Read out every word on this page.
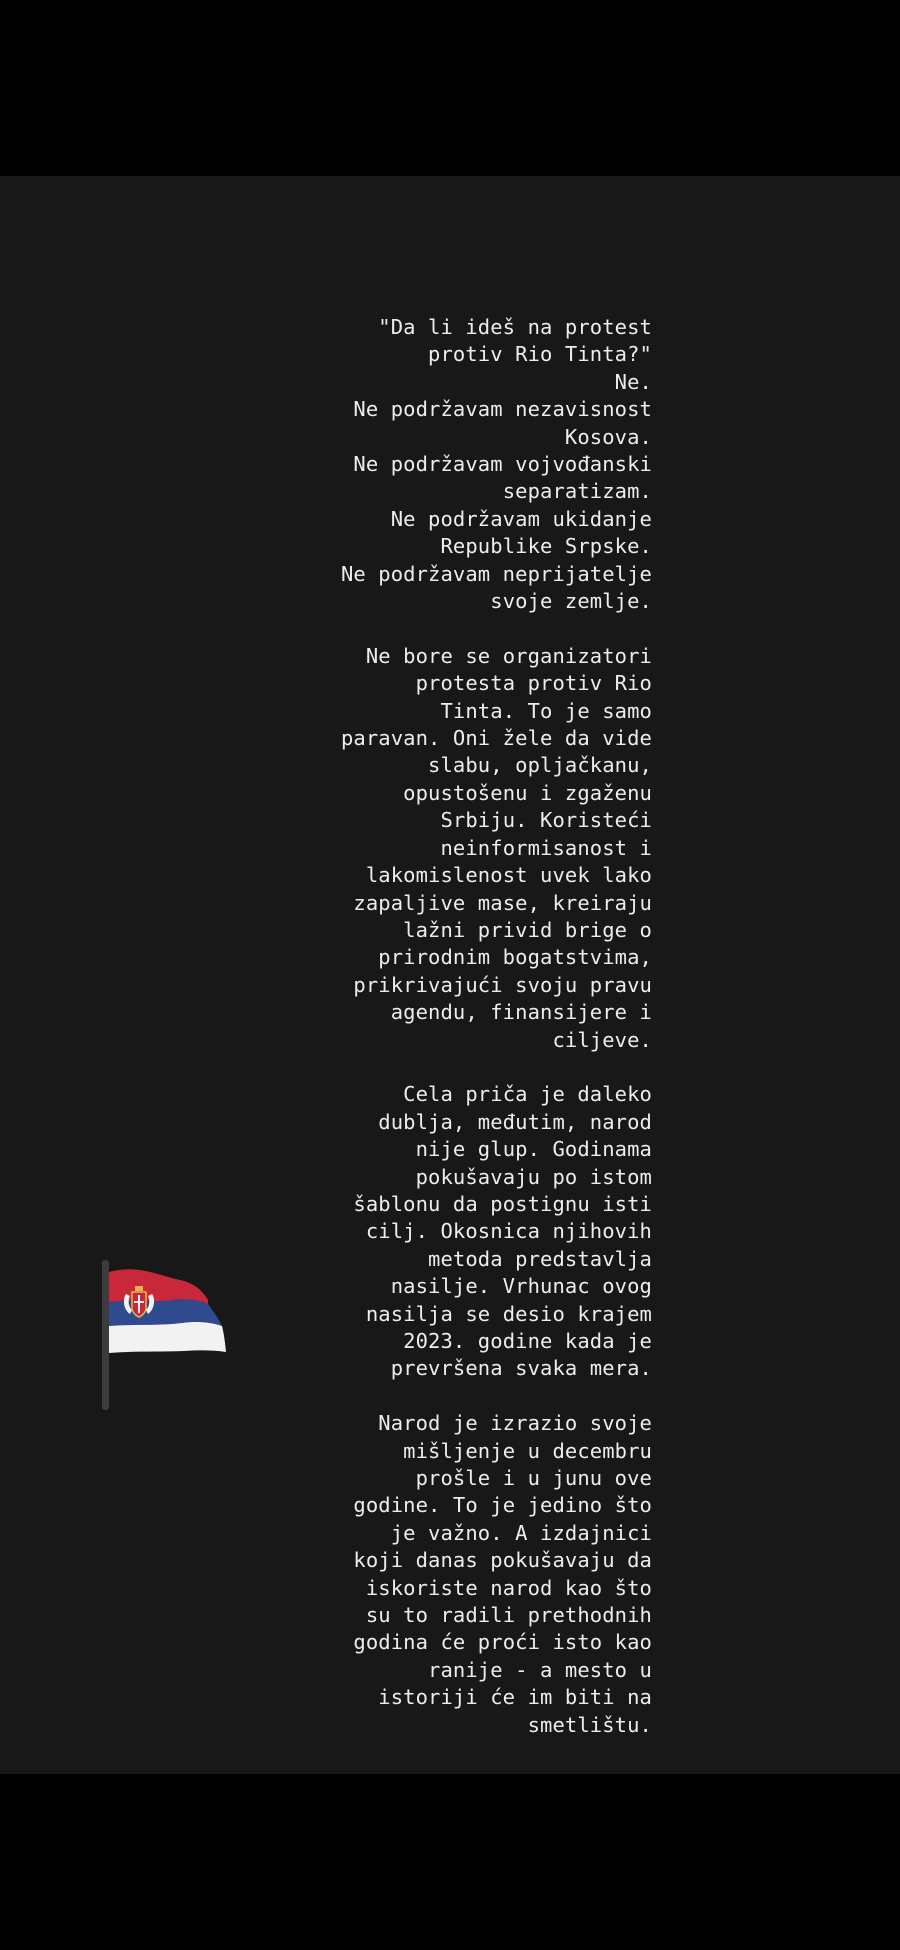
"Da li ideš na protest
protiv Rio Tinta?"
Ne.
Ne podržavam nezavisnost
Kosova.
Ne podržavam vojvođanski
separatizam.
Ne podržavam ukidanje
Republike Srpske.
Ne podržavam neprijatelje
svoje zemlje.
Ne bore se organizatori
protesta protiv Rio
Tinta. To je samo
paravan. Oni žele da vide
slabu, opljačkanu,
opustošenu i zgaženu
Srbiju. Koristeći
neinformisanost i
lakomislenost uvek lako
zapaljive mase, kreiraju
lažni privid brige o
prirodnim bogatstvima,
prikrivajući svoju pravu
agendu, finansijere i
ciljeve.
Cela priča je daleko
dublja, međutim, narod
nije glup. Godinama
pokušavaju po istom
šablonu da postignu isti
cilj. Okosnica njihovih
metoda predstavlja
nasilje. Vrhunac ovog
nasilja se desio krajem
2023. godine kada je
prevršena svaka mera.
Narod je izrazio svoje
mišljenje u decembru
prošle i u junu ove
godine. To je jedino što
je važno. A izdajnici
koji danas pokušavaju da
iskoriste narod kao što
su to radili prethodnih
godina će proći isto kao
ranije - a mesto u
istoriji će im biti na
smetlištu.
